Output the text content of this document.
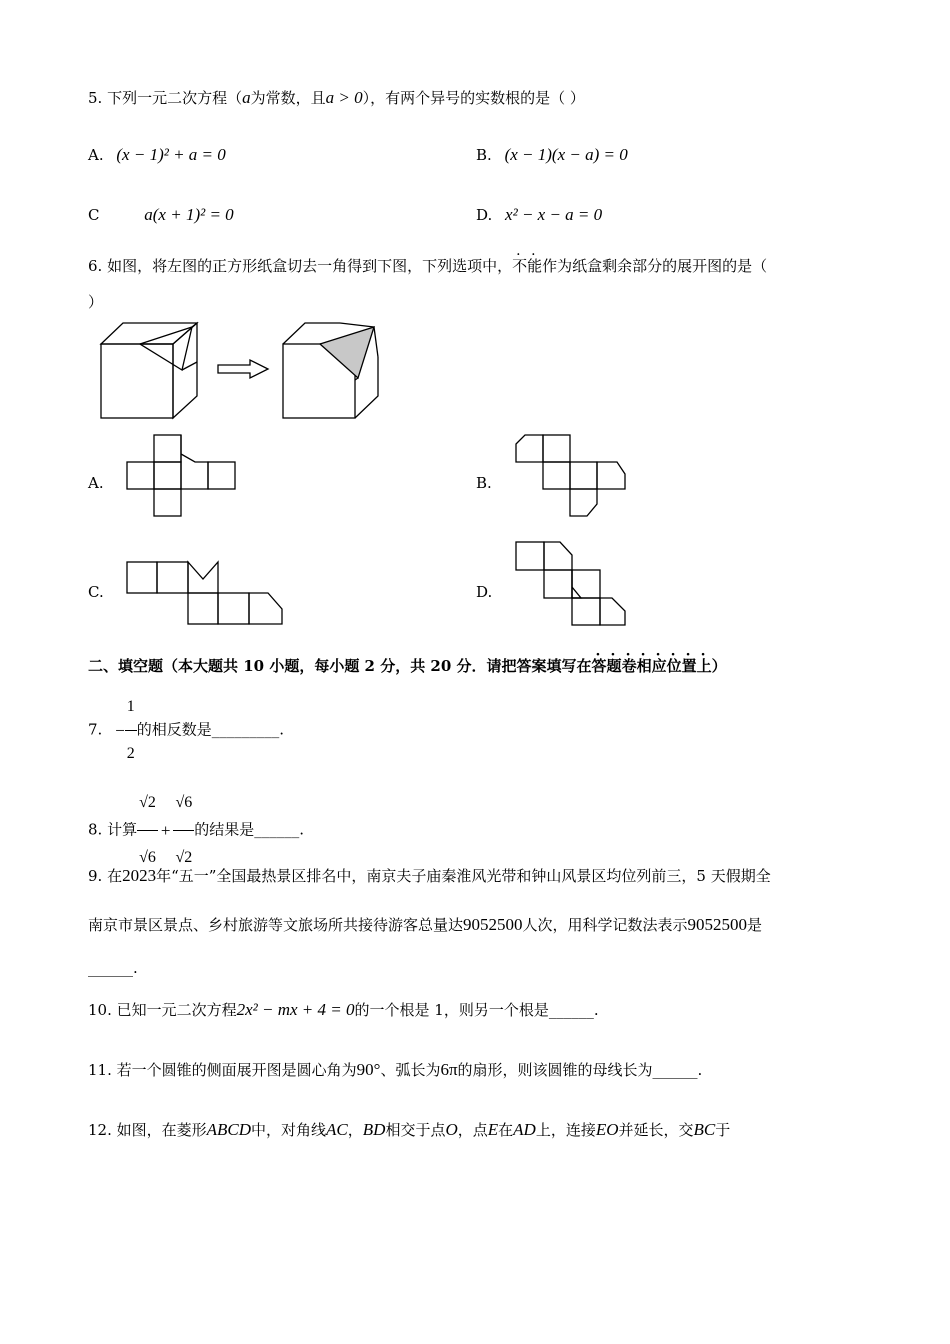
5. 下列一元二次方程（a为常数，且a > 0），有两个异号的实数根的是（ ）
A. (x − 1)² + a = 0	B. (x − 1)(x − a) = 0
C	a(x + 1)² = 0	D. x² − x − a = 0
6. 如图，将左图的正方形纸盒切去一角得到下图，下列选项中，不能作为纸盒剩余部分的展开图的是（
）
A.	B.
C.	D.
二、填空题（本大题共 10 小题，每小题 2 分，共 20 分．请把答案填写在答题卷相应位置上）
7. − $\frac{1}{2}$ 的相反数是_________.
8. 计算 $\frac{√2}{√6} + \frac{√6}{√2}$ 的结果是______.
9. 在2023年“五一”全国最热景区排名中，南京夫子庙秦淮风光带和钟山风景区均位列前三，5 天假期全
南京市景区景点、乡村旅游等文旅场所共接待游客总量达9052500人次，用科学记数法表示9052500是
______.
10. 已知一元二次方程2x² − mx + 4 = 0的一个根是 1，则另一个根是______.
11. 若一个圆锥的侧面展开图是圆心角为90°、弧长为6π的扇形，则该圆锥的母线长为______.
12. 如图，在菱形ABCD中，对角线AC，BD相交于点O，点E在AD上，连接EO并延长，交BC于
